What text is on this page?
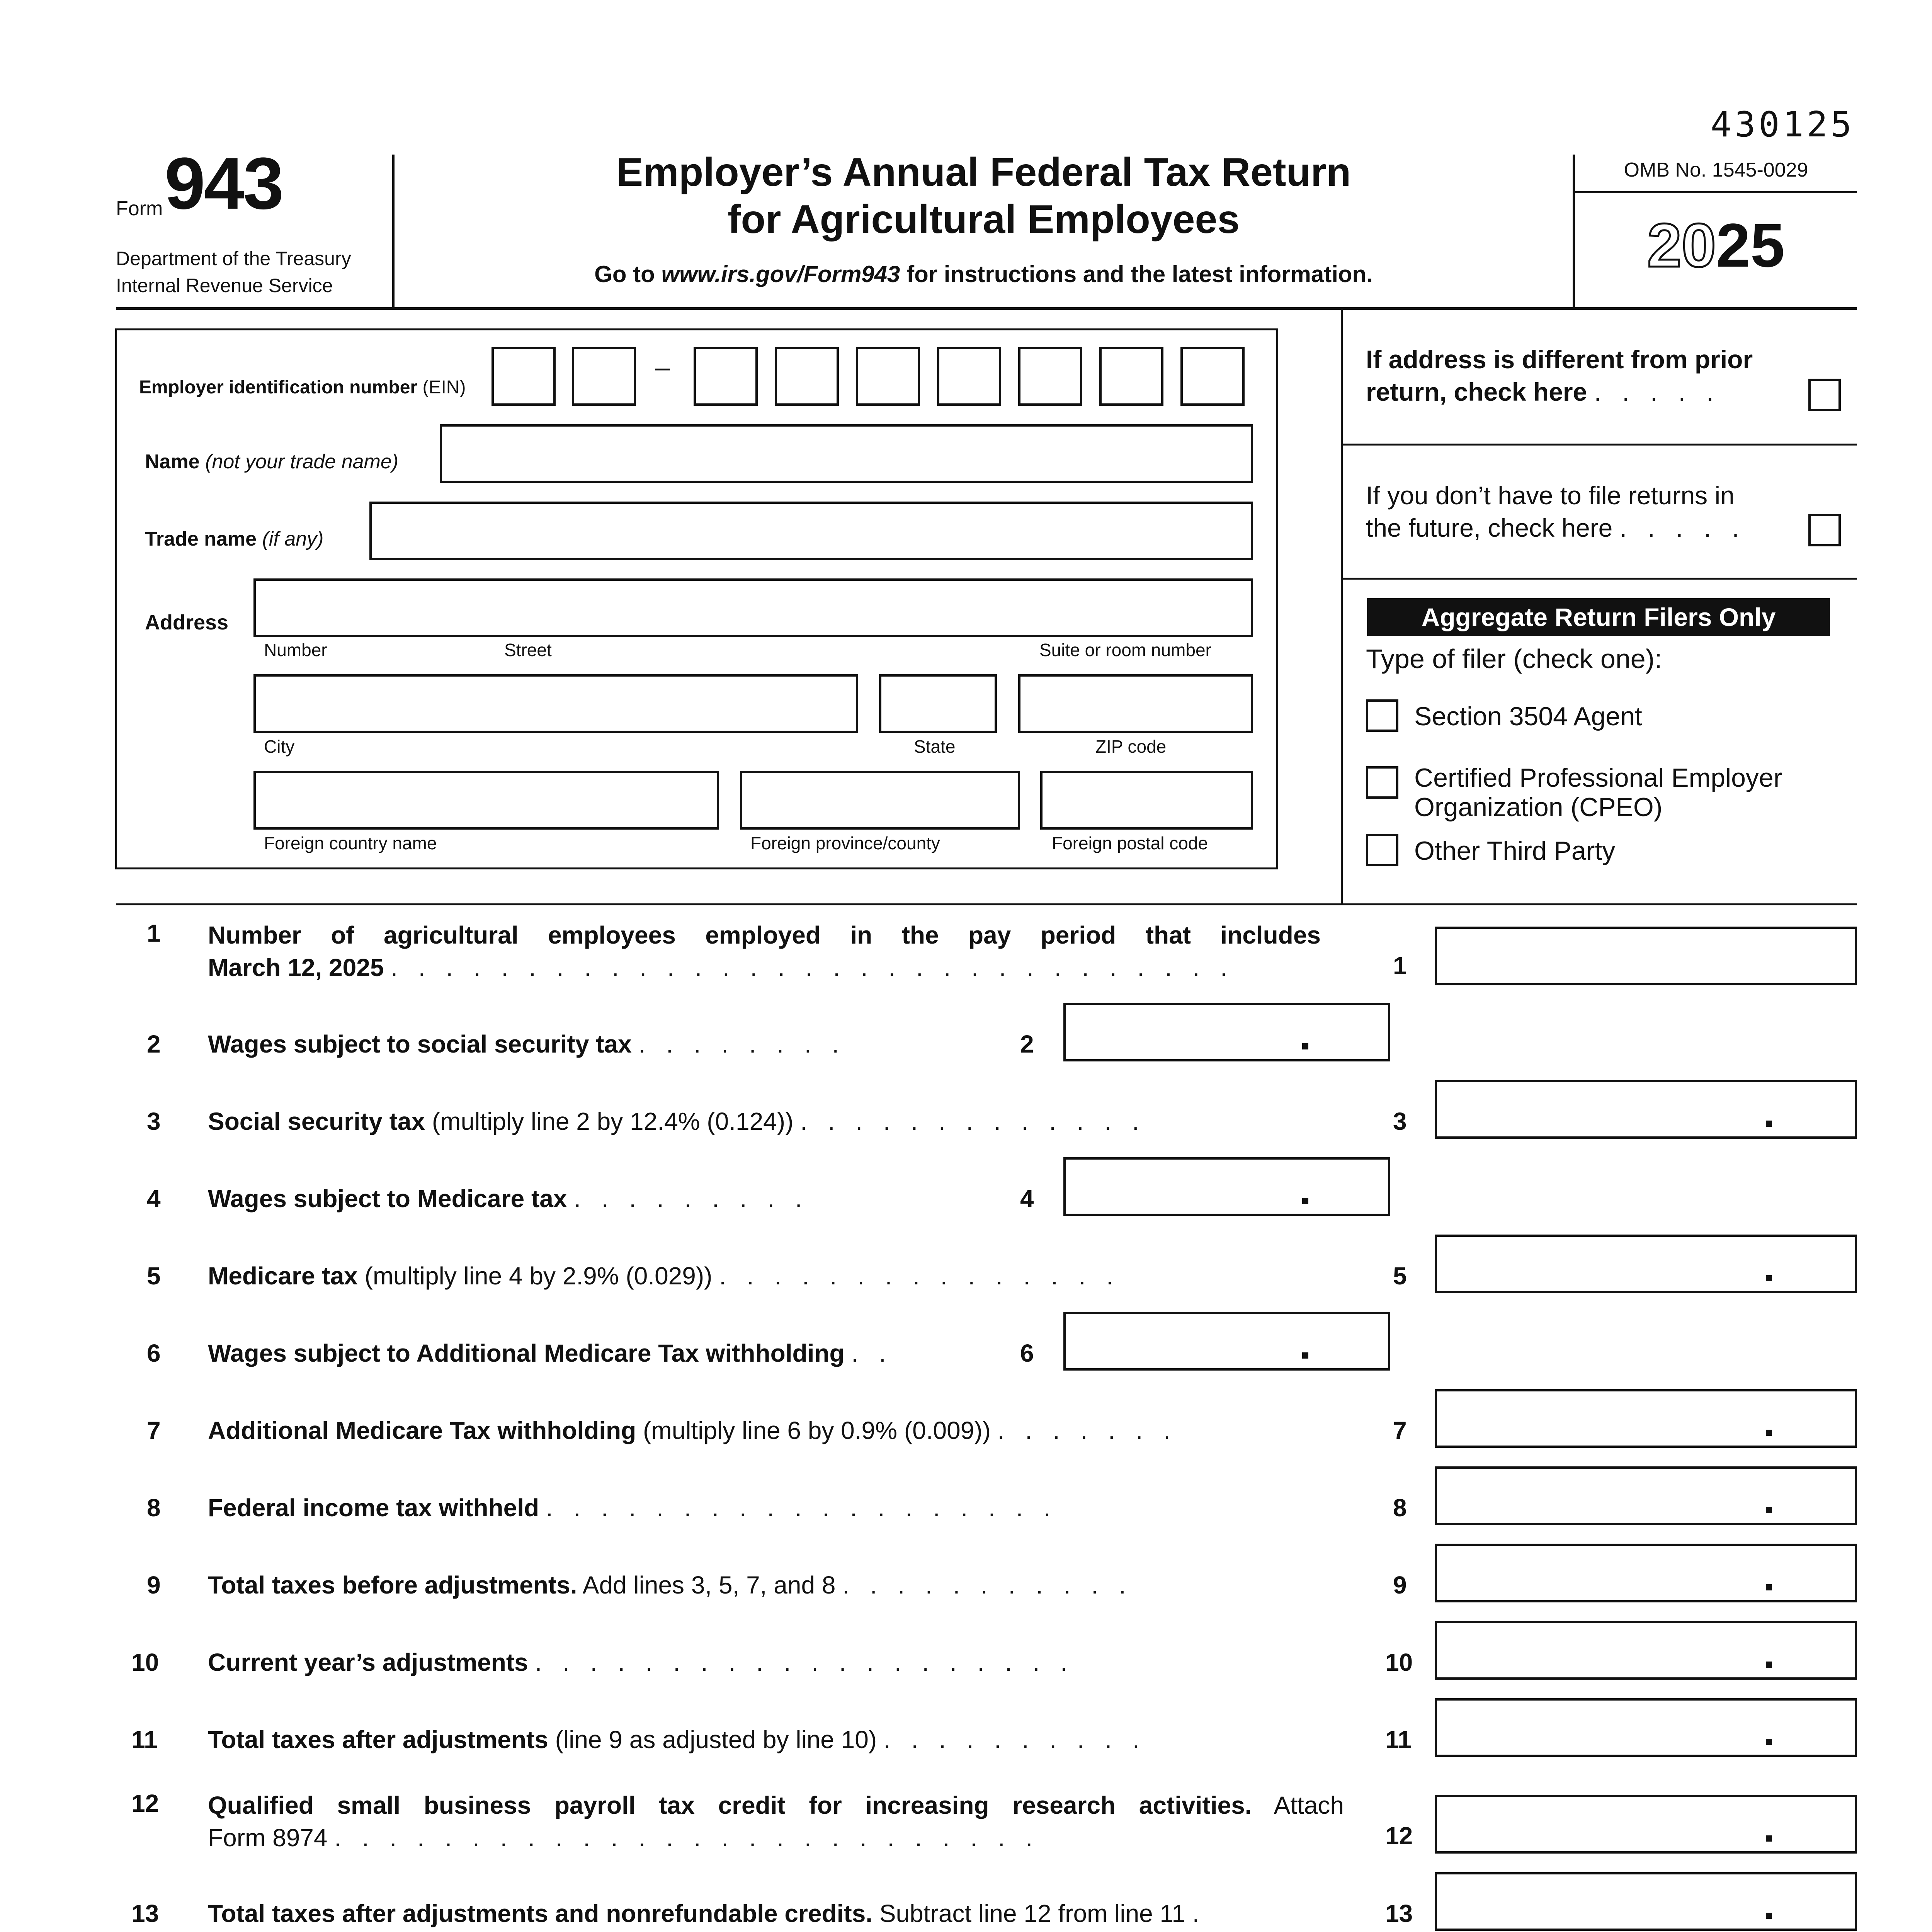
430125
Form 943
Department of the Treasury
Internal Revenue Service
Employer’s Annual Federal Tax Return
for Agricultural Employees
Go to www.irs.gov/Form943 for instructions and the latest information.
OMB No. 1545-0029
2025
Employer identification number (EIN)
–
Name (not your trade name)
Trade name (if any)
Address
Number	Street	Suite or room number
City	State	ZIP code
Foreign country name	Foreign province/county	Foreign postal code
If address is different from prior
return, check here . . . . .
If you don’t have to file returns in
the future, check here . . . . .
Aggregate Return Filers Only
Type of filer (check one):
Section 3504 Agent
Certified Professional Employer
Organization (CPEO)
Other Third Party
1 Number of agricultural employees employed in the pay period that includes
March 12, 2025 . . . . . . . . . . . . . . . . . . . . . . . . . . . . . . .	1
2 Wages subject to social security tax . . . . . . . .	2
3 Social security tax (multiply line 2 by 12.4% (0.124)) . . . . . . . . . . . . .	3
4 Wages subject to Medicare tax . . . . . . . . .	4
5 Medicare tax (multiply line 4 by 2.9% (0.029)) . . . . . . . . . . . . . . .	5
6 Wages subject to Additional Medicare Tax withholding . .	6
7 Additional Medicare Tax withholding (multiply line 6 by 0.9% (0.009)) . . . . . . .	7
8 Federal income tax withheld . . . . . . . . . . . . . . . . . . .	8
9 Total taxes before adjustments. Add lines 3, 5, 7, and 8 . . . . . . . . . . .	9
10 Current year’s adjustments . . . . . . . . . . . . . . . . . . . .	10
11 Total taxes after adjustments (line 9 as adjusted by line 10) . . . . . . . . . .	11
12 Qualified small business payroll tax credit for increasing research activities. Attach
Form 8974 . . . . . . . . . . . . . . . . . . . . . . . . . .	12
13 Total taxes after adjustments and nonrefundable credits. Subtract line 12 from line 11 .	13
